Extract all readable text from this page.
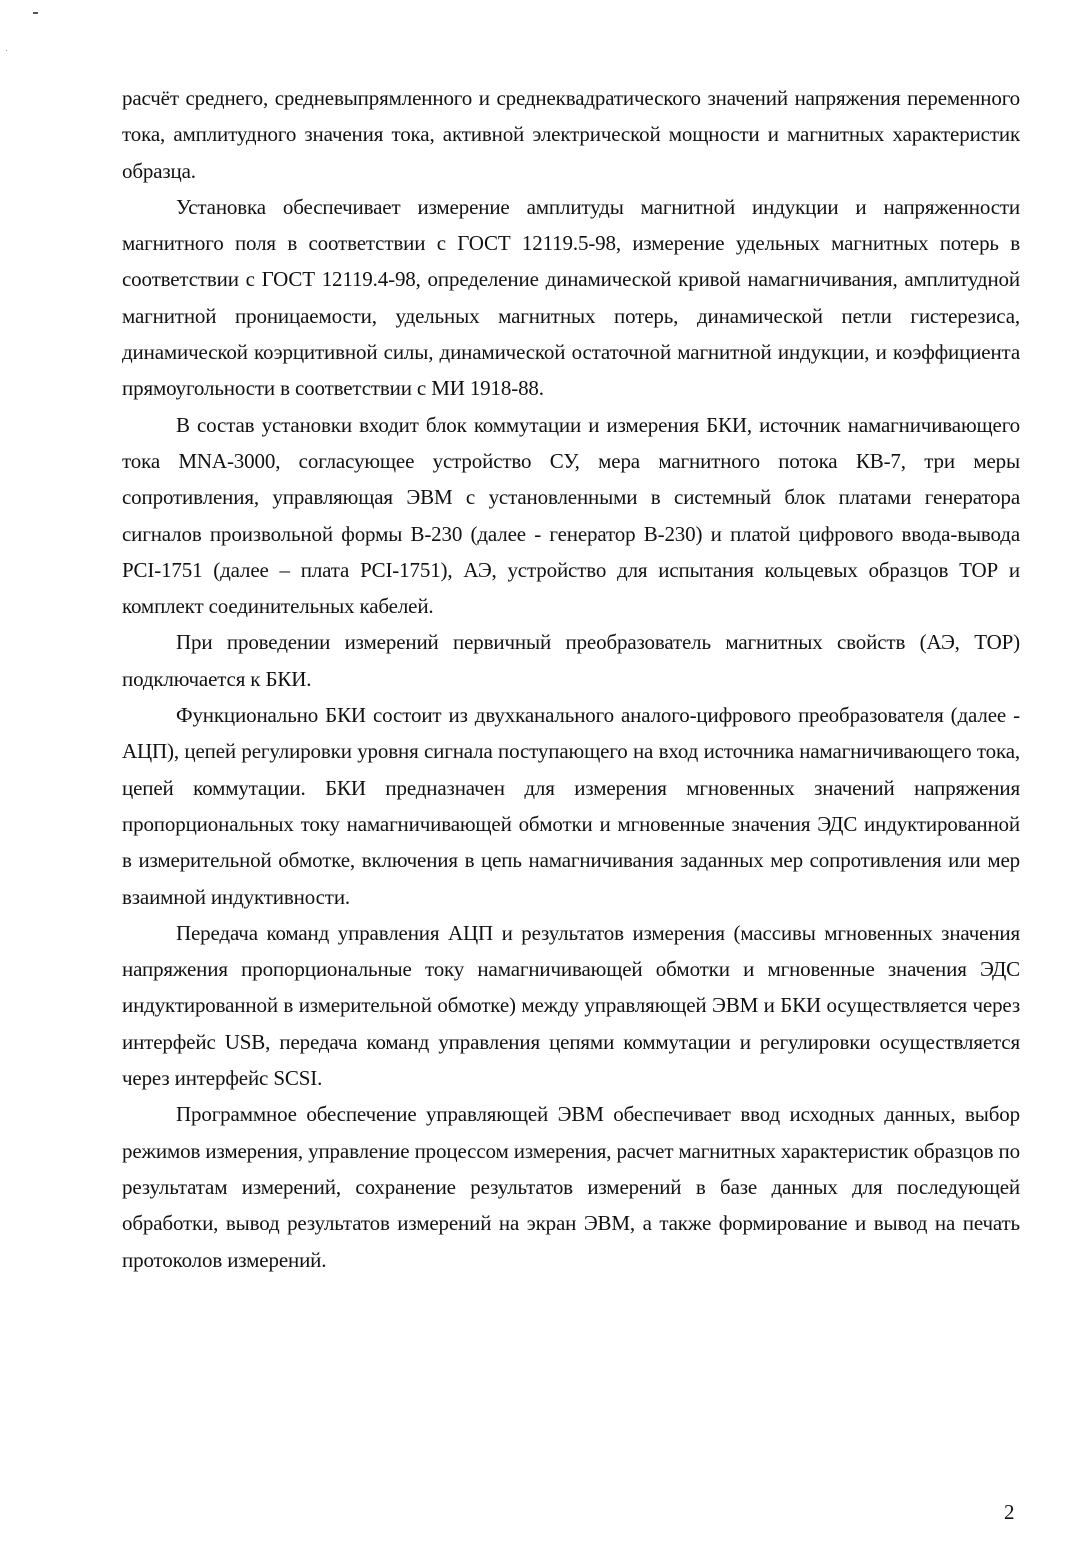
расчёт среднего, средневыпрямленного и среднеквадратического значений напряжения переменного тока, амплитудного значения тока, активной электрической мощности и магнитных характеристик образца.

Установка обеспечивает измерение амплитуды магнитной индукции и напряженности магнитного поля в соответствии с ГОСТ 12119.5-98, измерение удельных магнитных потерь в соответствии с ГОСТ 12119.4-98, определение динамической кривой намагничивания, амплитудной магнитной проницаемости, удельных магнитных потерь, динамической петли гистерезиса, динамической коэрцитивной силы, динамической остаточной магнитной индукции, и коэффициента прямоугольности в соответствии с МИ 1918-88.

В состав установки входит блок коммутации и измерения БКИ, источник намагничивающего тока MNA-3000, согласующее устройство СУ, мера магнитного потока КВ-7, три меры сопротивления, управляющая ЭВМ с установленными в системный блок платами генератора сигналов произвольной формы В-230 (далее - генератор В-230) и платой цифрового ввода-вывода PCI-1751 (далее – плата PCI-1751), АЭ, устройство для испытания кольцевых образцов ТОР и комплект соединительных кабелей.

При проведении измерений первичный преобразователь магнитных свойств (АЭ, ТОР) подключается к БКИ.

Функционально БКИ состоит из двухканального аналого-цифрового преобразователя (далее - АЦП), цепей регулировки уровня сигнала поступающего на вход источника намагничивающего тока, цепей коммутации. БКИ предназначен для измерения мгновенных значений напряжения пропорциональных току намагничивающей обмотки и мгновенные значения ЭДС индуктированной в измерительной обмотке, включения в цепь намагничивания заданных мер сопротивления или мер взаимной индуктивности.

Передача команд управления АЦП и результатов измерения (массивы мгновенных значения напряжения пропорциональные току намагничивающей обмотки и мгновенные значения ЭДС индуктированной в измерительной обмотке) между управляющей ЭВМ и БКИ осуществляется через интерфейс USB, передача команд управления цепями коммутации и регулировки осуществляется через интерфейс SCSI.

Программное обеспечение управляющей ЭВМ обеспечивает ввод исходных данных, выбор режимов измерения, управление процессом измерения, расчет магнитных характеристик образцов по результатам измерений, сохранение результатов измерений в базе данных для последующей обработки, вывод результатов измерений на экран ЭВМ, а также формирование и вывод на печать протоколов измерений.

2
